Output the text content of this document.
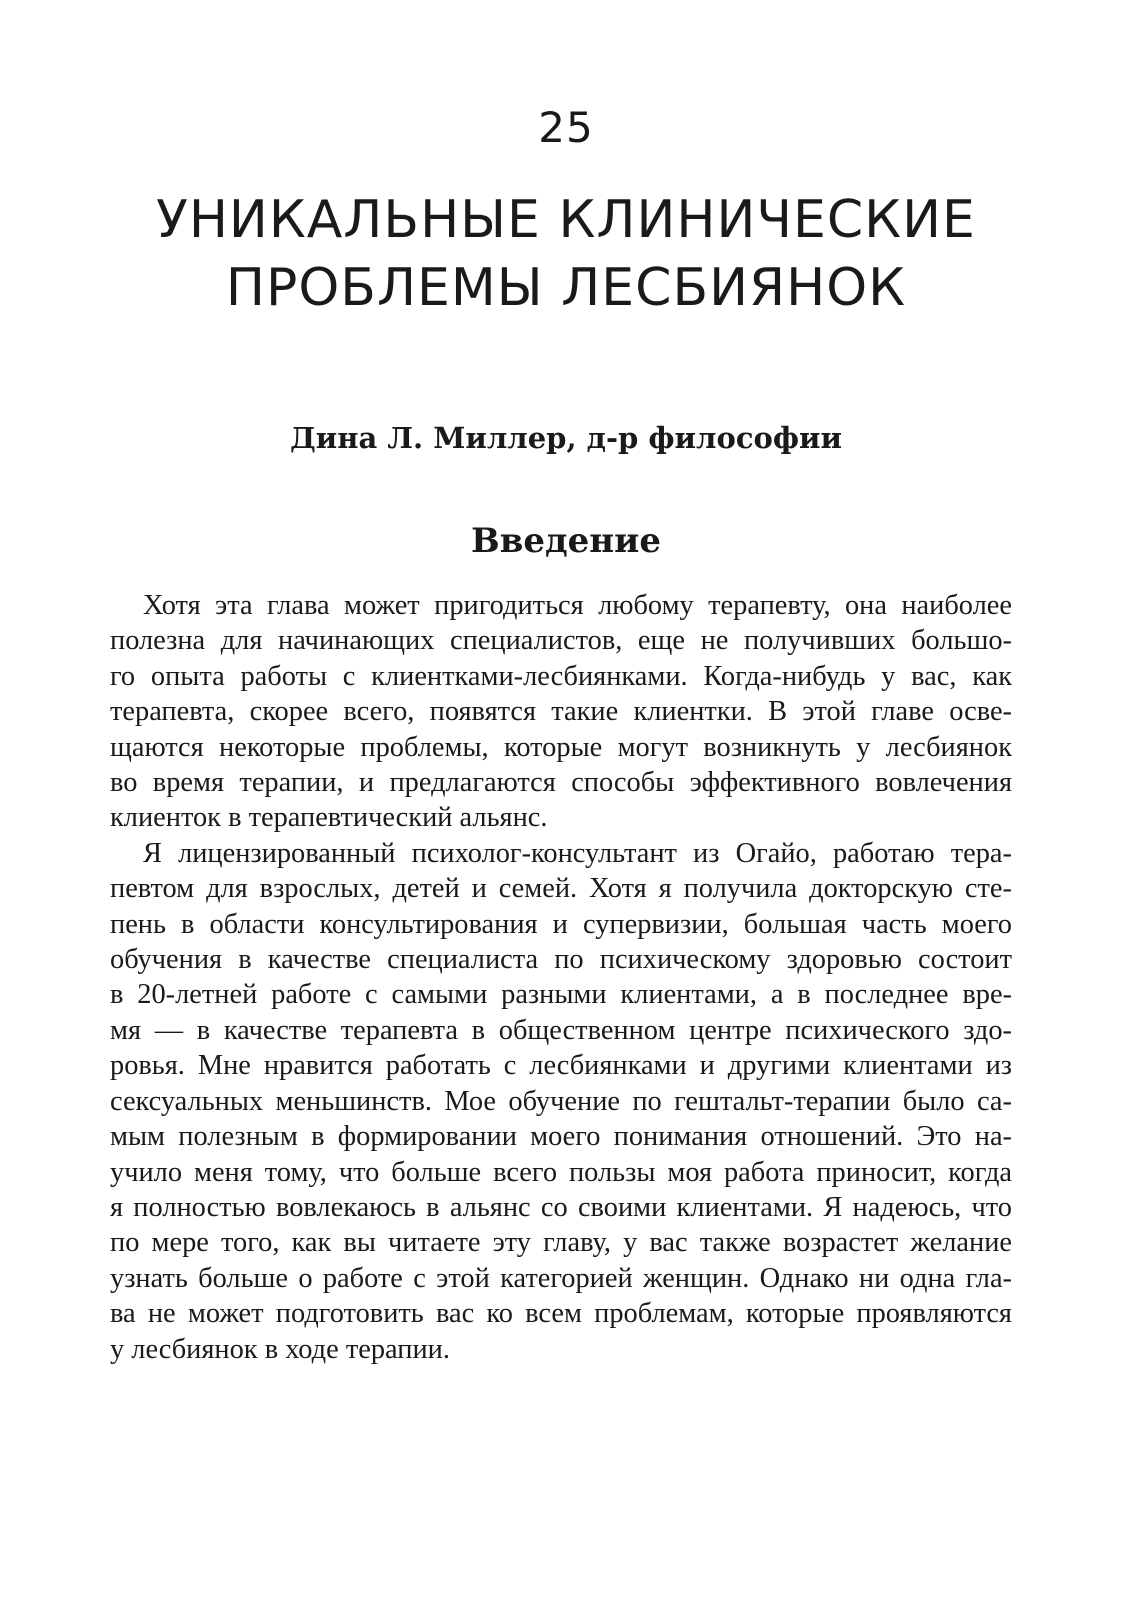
25
УНИКАЛЬНЫЕ КЛИНИЧЕСКИЕ
ПРОБЛЕМЫ ЛЕСБИЯНОК
Дина Л. Миллер, д-р философии
Введение
Хотя эта глава может пригодиться любому терапевту, она наиболее
полезна для начинающих специалистов, еще не получивших большо-
го опыта работы с клиентками-лесбиянками. Когда-нибудь у вас, как
терапевта, скорее всего, появятся такие клиентки. В этой главе осве-
щаются некоторые проблемы, которые могут возникнуть у лесбиянок
во время терапии, и предлагаются способы эффективного вовлечения
клиенток в терапевтический альянс.
Я лицензированный психолог-консультант из Огайо, работаю тера-
певтом для взрослых, детей и семей. Хотя я получила докторскую сте-
пень в области консультирования и супервизии, большая часть моего
обучения в качестве специалиста по психическому здоровью состоит
в 20-летней работе с самыми разными клиентами, а в последнее вре-
мя — в качестве терапевта в общественном центре психического здо-
ровья. Мне нравится работать с лесбиянками и другими клиентами из
сексуальных меньшинств. Мое обучение по гештальт-терапии было са-
мым полезным в формировании моего понимания отношений. Это на-
учило меня тому, что больше всего пользы моя работа приносит, когда
я полностью вовлекаюсь в альянс со своими клиентами. Я надеюсь, что
по мере того, как вы читаете эту главу, у вас также возрастет желание
узнать больше о работе с этой категорией женщин. Однако ни одна гла-
ва не может подготовить вас ко всем проблемам, которые проявляются
у лесбиянок в ходе терапии.
